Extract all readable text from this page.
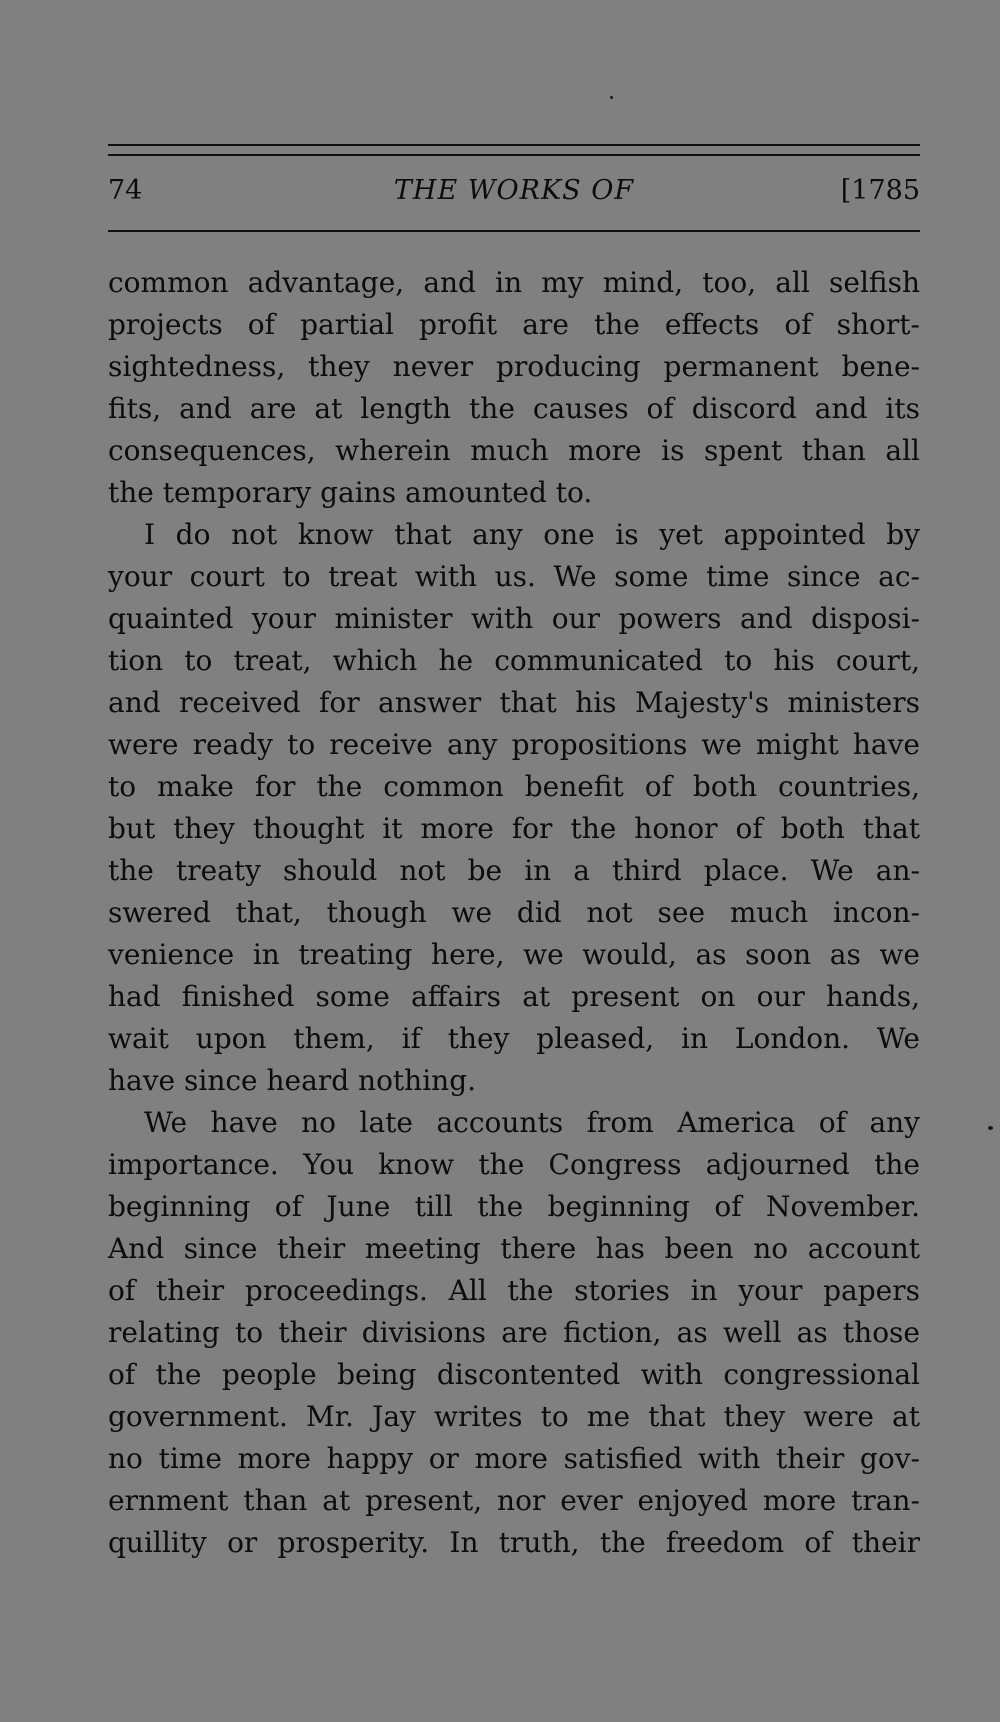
74	THE WORKS OF	[1785
common advantage, and in my mind, too, all selfish
projects of partial profit are the effects of short-
sightedness, they never producing permanent bene-
fits, and are at length the causes of discord and its
consequences, wherein much more is spent than all
the temporary gains amounted to.
I do not know that any one is yet appointed by
your court to treat with us. We some time since ac-
quainted your minister with our powers and disposi-
tion to treat, which he communicated to his court,
and received for answer that his Majesty's ministers
were ready to receive any propositions we might have
to make for the common benefit of both countries,
but they thought it more for the honor of both that
the treaty should not be in a third place. We an-
swered that, though we did not see much incon-
venience in treating here, we would, as soon as we
had finished some affairs at present on our hands,
wait upon them, if they pleased, in London. We
have since heard nothing.
We have no late accounts from America of any
importance. You know the Congress adjourned the
beginning of June till the beginning of November.
And since their meeting there has been no account
of their proceedings. All the stories in your papers
relating to their divisions are fiction, as well as those
of the people being discontented with congressional
government. Mr. Jay writes to me that they were at
no time more happy or more satisfied with their gov-
ernment than at present, nor ever enjoyed more tran-
quillity or prosperity. In truth, the freedom of their
